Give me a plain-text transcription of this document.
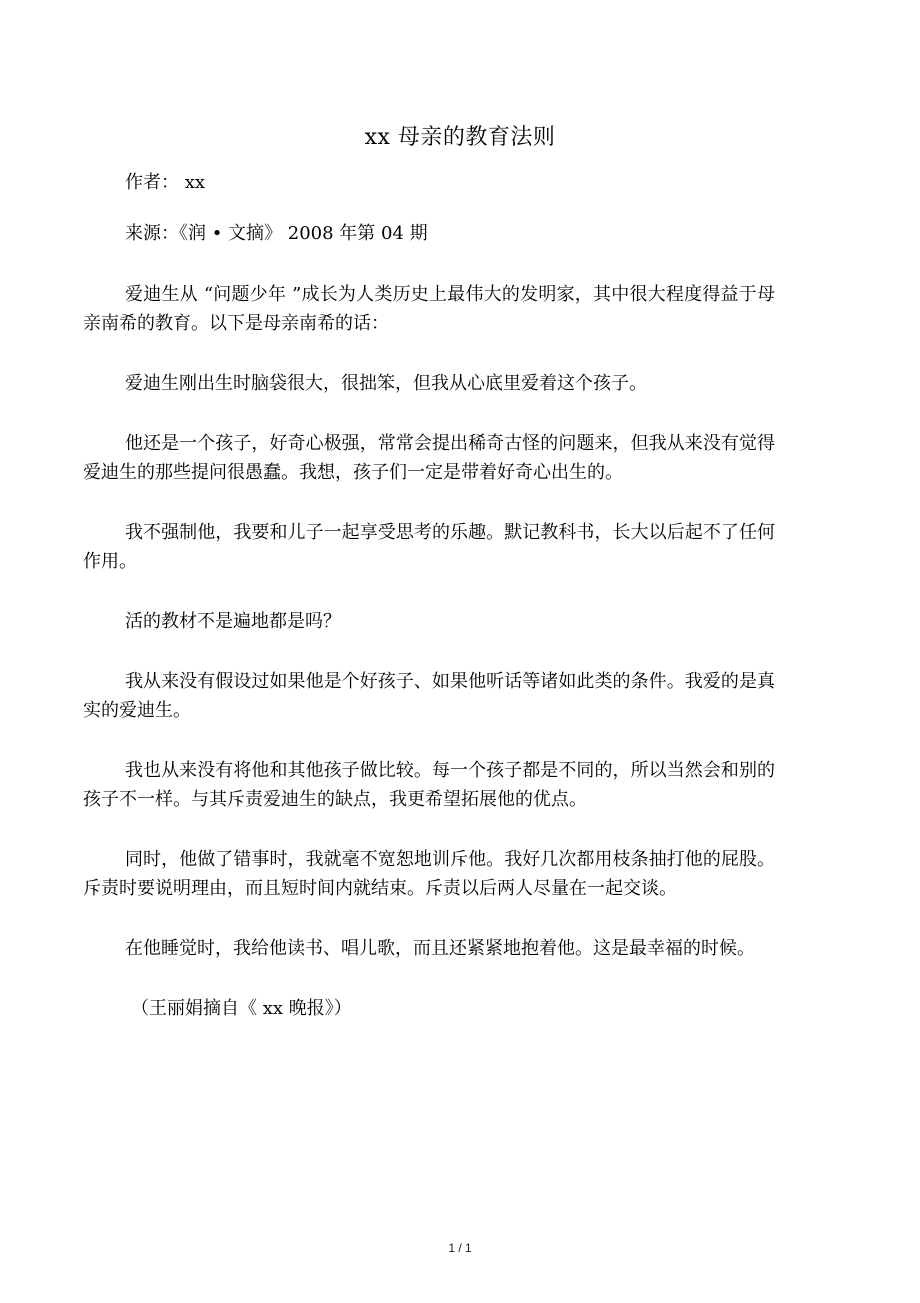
xx 母亲的教育法则
作者： xx
来源：《润 • 文摘》 2008 年第 04 期

爱迪生从 “问题少年 ”成长为人类历史上最伟大的发明家，其中很大程度得益于母亲南希的教育。以下是母亲南希的话：

爱迪生刚出生时脑袋很大，很拙笨，但我从心底里爱着这个孩子。

他还是一个孩子，好奇心极强，常常会提出稀奇古怪的问题来，但我从来没有觉得爱迪生的那些提问很愚蠢。我想，孩子们一定是带着好奇心出生的。

我不强制他，我要和儿子一起享受思考的乐趣。默记教科书，长大以后起不了任何作用。

活的教材不是遍地都是吗？

我从来没有假设过如果他是个好孩子、如果他听话等诸如此类的条件。我爱的是真实的爱迪生。

我也从来没有将他和其他孩子做比较。每一个孩子都是不同的，所以当然会和别的孩子不一样。与其斥责爱迪生的缺点，我更希望拓展他的优点。

同时，他做了错事时，我就毫不宽恕地训斥他。我好几次都用枝条抽打他的屁股。斥责时要说明理由，而且短时间内就结束。斥责以后两人尽量在一起交谈。

在他睡觉时，我给他读书、唱儿歌，而且还紧紧地抱着他。这是最幸福的时候。

（王丽娟摘自《 xx 晚报》）

1 / 1
